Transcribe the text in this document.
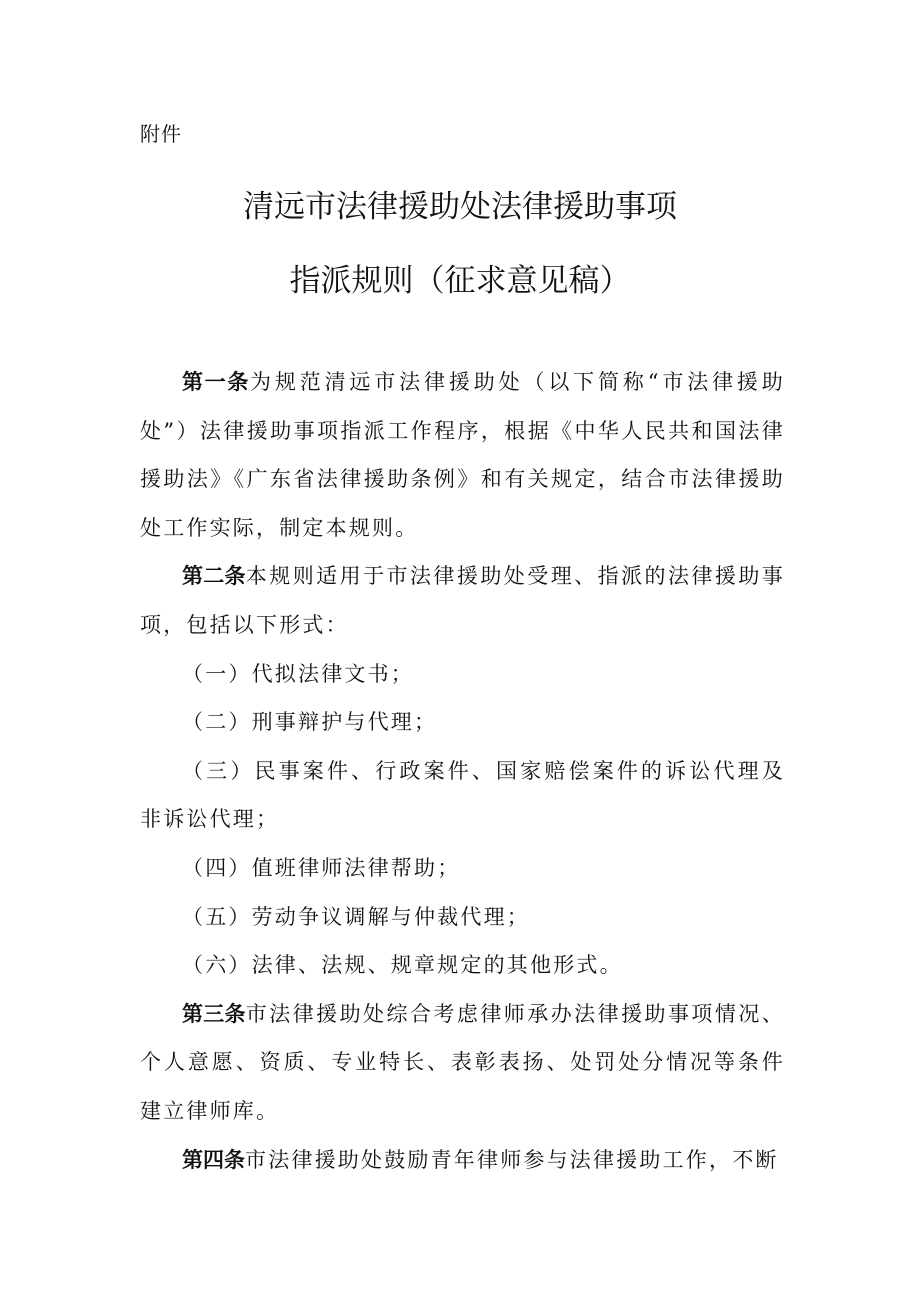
附件
清远市法律援助处法律援助事项
指派规则（征求意见稿）

第一条为规范清远市法律援助处（以下简称“市法律援助处”）法律援助事项指派工作程序，根据《中华人民共和国法律援助法》《广东省法律援助条例》和有关规定，结合市法律援助处工作实际，制定本规则。

第二条本规则适用于市法律援助处受理、指派的法律援助事项，包括以下形式：

（一）代拟法律文书；

（二）刑事辩护与代理；

（三）民事案件、行政案件、国家赔偿案件的诉讼代理及非诉讼代理；

（四）值班律师法律帮助；

（五）劳动争议调解与仲裁代理；

（六）法律、法规、规章规定的其他形式。

第三条市法律援助处综合考虑律师承办法律援助事项情况、个人意愿、资质、专业特长、表彰表扬、处罚处分情况等条件建立律师库。

第四条市法律援助处鼓励青年律师参与法律援助工作，不断
